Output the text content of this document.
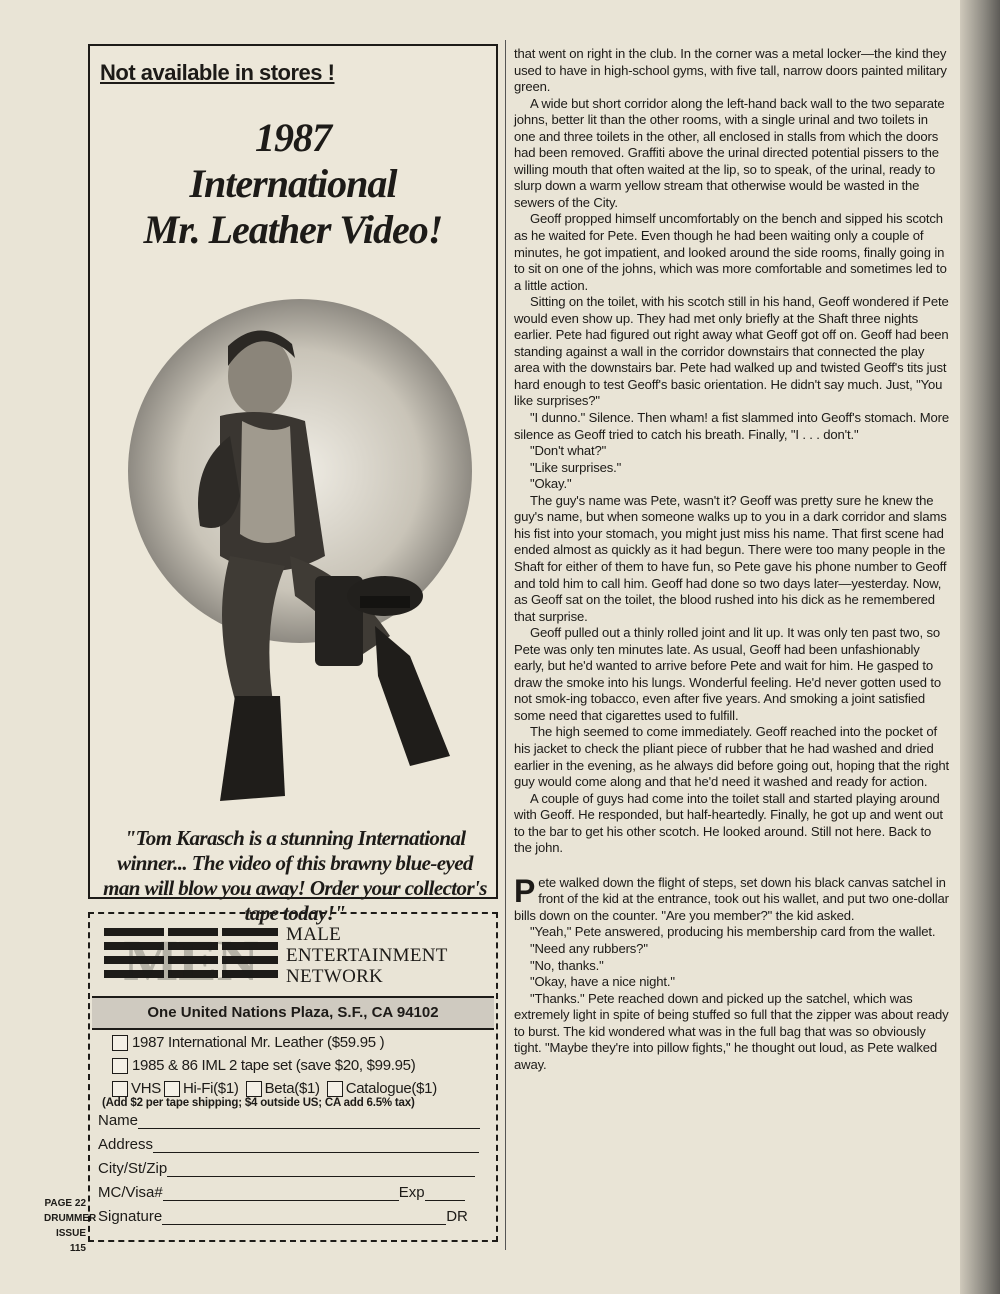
Not available in stores !
1987
International
Mr. Leather Video!
"Tom Karasch is a stunning International winner... The video of this brawny blue-eyed man will blow you away! Order your collector's tape today!"
MEN MALE
ENTERTAINMENT
NETWORK
One United Nations Plaza, S.F., CA 94102
1987 International Mr. Leather ($59.95 )
1985 & 86 IML 2 tape set (save $20, $99.95)
VHS Hi-Fi($1) Beta($1) Catalogue($1)
(Add $2 per tape shipping; $4 outside US; CA add 6.5% tax)
Name
Address
City/St/Zip
MC/Visa#	Exp
Signature	DR
PAGE 22
DRUMMER
ISSUE 115

that went on right in the club. In the corner was a metal locker—the kind they used to have in high-school gyms, with five tall, narrow doors painted military green.

A wide but short corridor along the left-hand back wall to the two separate johns, better lit than the other rooms, with a single urinal and two toilets in one and three toilets in the other, all enclosed in stalls from which the doors had been removed. Graffiti above the urinal directed potential pissers to the willing mouth that often waited at the lip, so to speak, of the urinal, ready to slurp down a warm yellow stream that otherwise would be wasted in the sewers of the City.

Geoff propped himself uncomfortably on the bench and sipped his scotch as he waited for Pete. Even though he had been waiting only a couple of minutes, he got impatient, and looked around the side rooms, finally going in to sit on one of the johns, which was more comfortable and sometimes led to a little action.

Sitting on the toilet, with his scotch still in his hand, Geoff wondered if Pete would even show up. They had met only briefly at the Shaft three nights earlier. Pete had figured out right away what Geoff got off on. Geoff had been standing against a wall in the corridor downstairs that connected the play area with the downstairs bar. Pete had walked up and twisted Geoff's tits just hard enough to test Geoff's basic orientation. He didn't say much. Just, "You like surprises?"

"I dunno." Silence. Then wham! a fist slammed into Geoff's stomach. More silence as Geoff tried to catch his breath. Finally, "I . . . don't."

"Don't what?"

"Like surprises."

"Okay."

The guy's name was Pete, wasn't it? Geoff was pretty sure he knew the guy's name, but when someone walks up to you in a dark corridor and slams his fist into your stomach, you might just miss his name. That first scene had ended almost as quickly as it had begun. There were too many people in the Shaft for either of them to have fun, so Pete gave his phone number to Geoff and told him to call him. Geoff had done so two days later—yesterday. Now, as Geoff sat on the toilet, the blood rushed into his dick as he remembered that surprise.

Geoff pulled out a thinly rolled joint and lit up. It was only ten past two, so Pete was only ten minutes late. As usual, Geoff had been unfashionably early, but he'd wanted to arrive before Pete and wait for him. He gasped to draw the smoke into his lungs. Wonderful feeling. He'd never gotten used to not smok-ing tobacco, even after five years. And smoking a joint satisfied some need that cigarettes used to fulfill.

The high seemed to come immediately. Geoff reached into the pocket of his jacket to check the pliant piece of rubber that he had washed and dried earlier in the evening, as he always did before going out, hoping that the right guy would come along and that he'd need it washed and ready for action.

A couple of guys had come into the toilet stall and started playing around with Geoff. He responded, but half-heartedly. Finally, he got up and went out to the bar to get his other scotch. He looked around. Still not here. Back to the john.

Pete walked down the flight of steps, set down his black canvas satchel in front of the kid at the entrance, took out his wallet, and put two one-dollar bills down on the counter. "Are you member?" the kid asked.

"Yeah," Pete answered, producing his membership card from the wallet.

"Need any rubbers?"

"No, thanks."

"Okay, have a nice night."

"Thanks." Pete reached down and picked up the satchel, which was extremely light in spite of being stuffed so full that the zipper was about ready to burst. The kid wondered what was in the full bag that was so obviously tight. "Maybe they're into pillow fights," he thought out loud, as Pete walked away.
